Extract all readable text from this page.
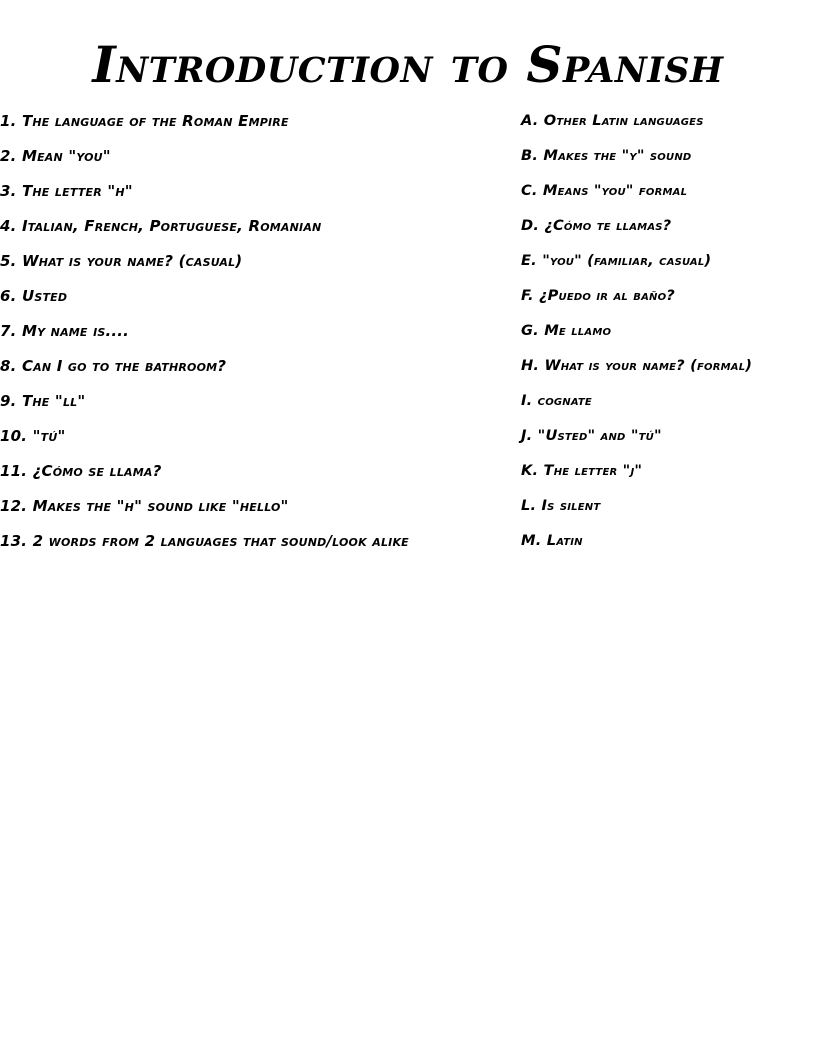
Introduction to Spanish
1. The language of the Roman Empire
2. Mean "you"
3. The letter "h"
4. Italian, French, Portuguese, Romanian
5. What is your name? (casual)
6. Usted
7. My name is....
8. Can I go to the bathroom?
9. The "ll"
10. "tú"
11. ¿Cómo se llama?
12. Makes the "h" sound like "hello"
13. 2 words from 2 languages that sound/look alike
A. Other Latin languages
B. Makes the "y" sound
C. Means "you" formal
D. ¿Cómo te llamas?
E. "you" (familiar, casual)
F. ¿Puedo ir al baño?
G. Me llamo
H. What is your name? (formal)
I. cognate
J. "Usted" and "tú"
K. The letter "j"
L. Is silent
M. Latin
